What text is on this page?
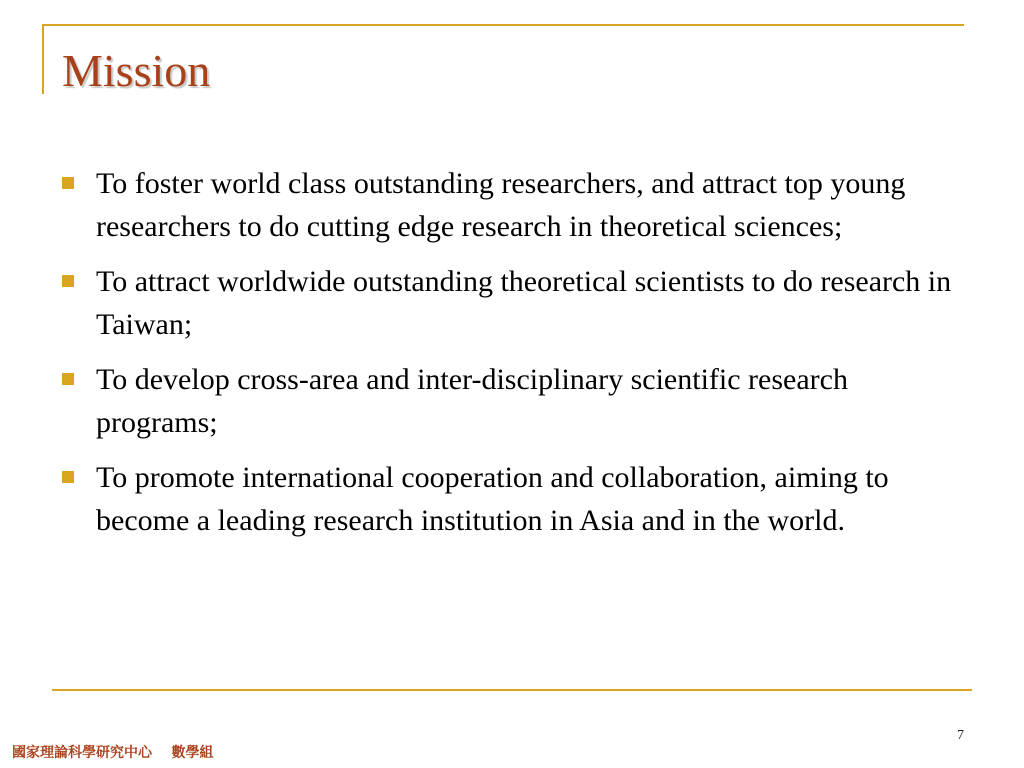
Mission
To foster world class outstanding researchers, and attract top young researchers to do cutting edge research in theoretical sciences;
To attract worldwide outstanding theoretical scientists to do research in Taiwan;
To develop cross-area and inter-disciplinary scientific research programs;
To promote international cooperation and collaboration, aiming to become a leading research institution in Asia and in the world.
7
國家理論科學研究中心    數學組
